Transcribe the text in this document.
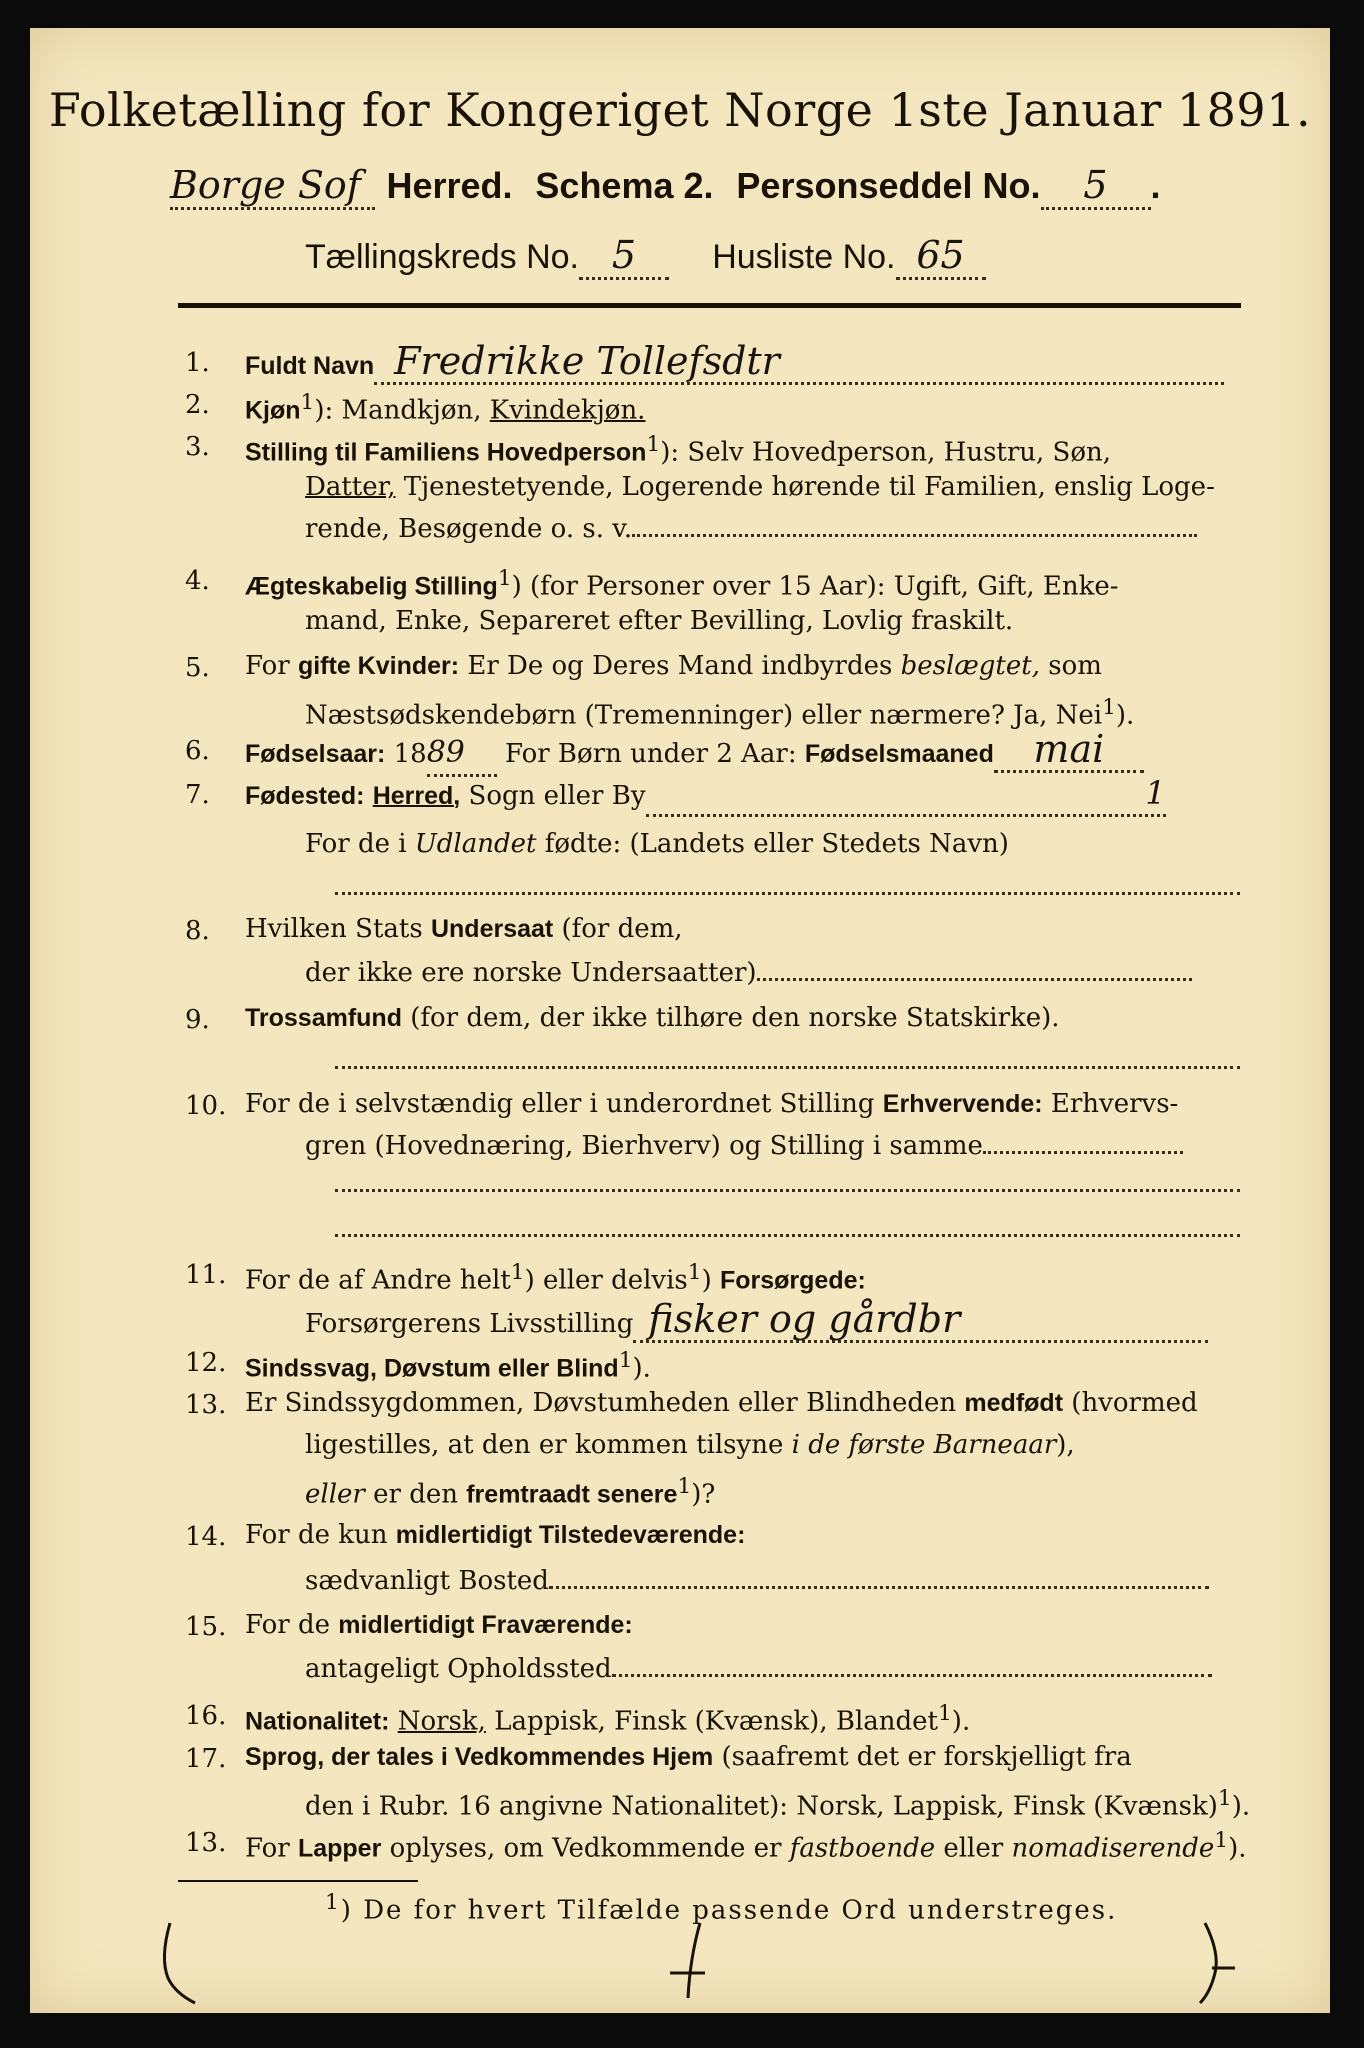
Folketælling for Kongeriget Norge 1ste Januar 1891.
Borge Sof Herred. Schema 2. Personseddel No. 5 .
Tællingskreds No. 5 Husliste No. 65
1.	Fuldt Navn Fredrikke Tollefsdtr
2.	Kjøn$^1$): Mandkjøn, Kvindekjøn.
3.	Stilling til Familiens Hovedperson$^1$): Selv Hovedperson, Hustru, Søn,
Datter, Tjenestetyende, Logerende hørende til Familien, enslig Loge-
rende, Besøgende o. s. v.
4.	Ægteskabelig Stilling$^1$) (for Personer over 15 Aar): Ugift, Gift, Enke-
mand, Enke, Separeret efter Bevilling, Lovlig fraskilt.
5.	For gifte Kvinder: Er De og Deres Mand indbyrdes beslægtet, som
Næstsødskendebørn (Tremenninger) eller nærmere? Ja, Nei$^1$).
6.	Fødselsaar: 1889 For Børn under 2 Aar: Fødselsmaaned mai
7.	Fødested: Herred, Sogn eller By	1
For de i Udlandet fødte: (Landets eller Stedets Navn)
8.	Hvilken Stats Undersaat (for dem,
der ikke ere norske Undersaatter)
9.	Trossamfund (for dem, der ikke tilhøre den norske Statskirke).
10. For de i selvstændig eller i underordnet Stilling Erhvervende: Erhvervs-
gren (Hovednæring, Bierhverv) og Stilling i samme
11. For de af Andre helt$^1$) eller delvis$^1$) Forsørgede:
Forsørgerens Livsstilling fisker og gårdbr
12. Sindssvag, Døvstum eller Blind$^1$).
13. Er Sindssygdommen, Døvstumheden eller Blindheden medfødt (hvormed
ligestilles, at den er kommen tilsyne i de første Barneaar),
eller er den fremtraadt senere$^1$)?
14. For de kun midlertidigt Tilstedeværende:
sædvanligt Bosted
15. For de midlertidigt Fraværende:
antageligt Opholdssted
16. Nationalitet: Norsk, Lappisk, Finsk (Kvænsk), Blandet$^1$).
17. Sprog, der tales i Vedkommendes Hjem (saafremt det er forskjelligt fra
den i Rubr. 16 angivne Nationalitet): Norsk, Lappisk, Finsk (Kvænsk)$^1$).
13. For Lapper oplyses, om Vedkommende er fastboende eller nomadiserende$^1$).
$^1$) De for hvert Tilfælde passende Ord understreges.
